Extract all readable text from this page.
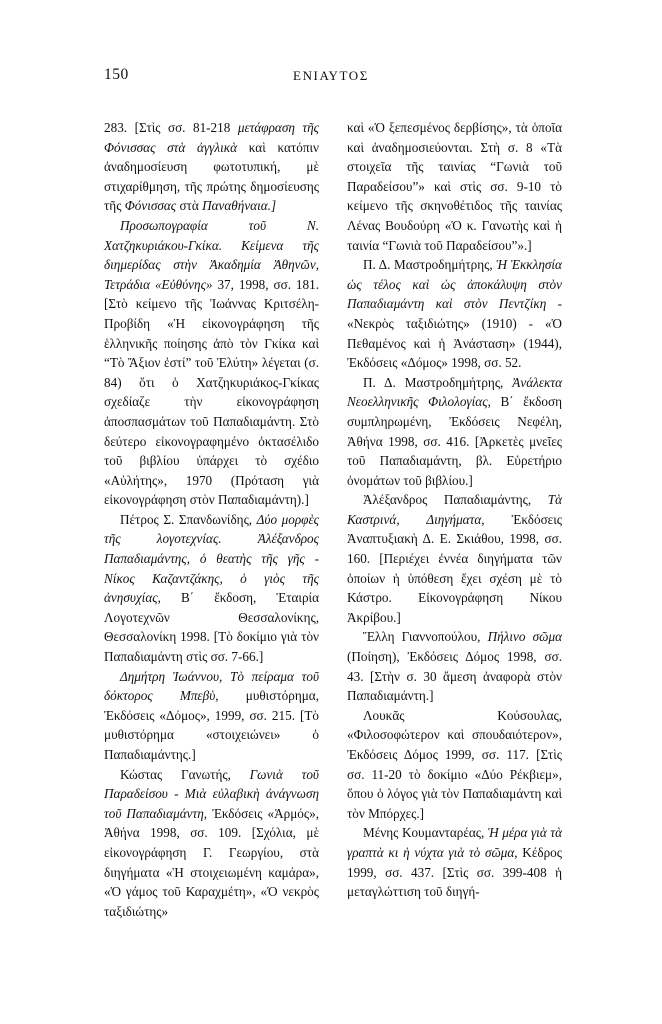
150	ΕΝΙΑΥΤΟΣ
283. [Στὶς σσ. 81-218 μετάφραση τῆς Φόνισσας στὰ ἀγγλικὰ καὶ κατόπιν ἀναδημοσίευση φωτοτυπική, μὲ στιχαρίθμηση, τῆς πρώτης δημοσίευσης τῆς Φόνισσας στὰ Παναθήναια.]
Προσωπογραφία τοῦ Ν. Χατζηκυριάκου-Γκίκα. Κείμενα τῆς διημερίδας στὴν Ἀκαδημία Ἀθηνῶν, Τετράδια «Εὐθύνης» 37, 1998, σσ. 181. [Στὸ κείμενο τῆς Ἰωάννας Κριτσέλη-Προβίδη «Ἡ εἰκονογράφηση τῆς ἑλληνικῆς ποίησης ἀπὸ τὸν Γκίκα καὶ “Τὸ Ἄξιον ἐστί” τοῦ Ἐλύτη» λέγεται (σ. 84) ὅτι ὁ Χατζηκυριάκος-Γκίκας σχεδίαζε τὴν εἰκονογράφηση ἀποσπασμάτων τοῦ Παπαδιαμάντη. Στὸ δεύτερο εἰκονογραφημένο ὀκτασέλιδο τοῦ βιβλίου ὑπάρχει τὸ σχέδιο «Αὐλήτης», 1970 (Πρόταση γιὰ εἰκονογράφηση στὸν Παπαδιαμάντη).]
Πέτρος Σ. Σπανδωνίδης, Δύο μορφὲς τῆς λογοτεχνίας. Ἀλέξανδρος Παπαδιαμάντης, ὁ θεατὴς τῆς γῆς - Νίκος Καζαντζάκης, ὁ γιὸς τῆς ἀνησυχίας, Β΄ ἔκδοση, Ἑταιρία Λογοτεχνῶν Θεσσαλονίκης, Θεσσαλονίκη 1998. [Τὸ δοκίμιο γιὰ τὸν Παπαδιαμάντη στὶς σσ. 7-66.]
Δημήτρη Ἰωάννου, Τὸ πείραμα τοῦ δόκτορος Μπεβὺ, μυθιστόρημα, Ἐκδόσεις «Δόμος», 1999, σσ. 215. [Τὸ μυθιστόρημα «στοιχειώνει» ὁ Παπαδιαμάντης.]
Κώστας Γανωτής, Γωνιὰ τοῦ Παραδείσου - Μιὰ εὐλαβικὴ ἀνάγνωση τοῦ Παπαδιαμάντη, Ἐκδόσεις «Ἁρμός», Ἀθήνα 1998, σσ. 109. [Σχόλια, μὲ εἰκονογράφηση Γ. Γεωργίου, στὰ διηγήματα «Ἡ στοιχειωμένη καμάρα», «Ὁ γάμος τοῦ Καραχμέτη», «Ὁ νεκρὸς ταξιδιώτης»
καὶ «Ὁ ξεπεσμένος δερβίσης», τὰ ὁποῖα καὶ ἀναδημοσιεύονται. Στὴ σ. 8 «Τὰ στοιχεῖα τῆς ταινίας “Γωνιὰ τοῦ Παραδείσου”» καὶ στὶς σσ. 9-10 τὸ κείμενο τῆς σκηνοθέτιδος τῆς ταινίας Λένας Βουδούρη «Ὁ κ. Γανωτὴς καὶ ἡ ταινία “Γωνιὰ τοῦ Παραδείσου”».]
Π. Δ. Μαστροδημήτρης, Ἡ Ἐκκλησία ὡς τέλος καὶ ὡς ἀποκάλυψη στὸν Παπαδιαμάντη καὶ στὸν Πεντζίκη - «Νεκρὸς ταξιδιώτης» (1910) - «Ὁ Πεθαμένος καὶ ἡ Ἀνάσταση» (1944), Ἐκδόσεις «Δόμος» 1998, σσ. 52.
Π. Δ. Μαστροδημήτρης, Ἀνάλεκτα Νεοελληνικῆς Φιλολογίας, Β΄ ἔκδοση συμπληρωμένη, Ἐκδόσεις Νεφέλη, Ἀθήνα 1998, σσ. 416. [Ἀρκετὲς μνεῖες τοῦ Παπαδιαμάντη, βλ. Εὑρετήριο ὀνομάτων τοῦ βιβλίου.]
Ἀλέξανδρος Παπαδιαμάντης, Τὰ Καστρινά, Διηγήματα, Ἐκδόσεις Ἀναπτυξιακὴ Δ. Ε. Σκιάθου, 1998, σσ. 160. [Περιέχει ἐννέα διηγήματα τῶν ὁποίων ἡ ὑπόθεση ἔχει σχέση μὲ τὸ Κάστρο. Εἰκονογράφηση Νίκου Ἀκρίβου.]
Ἕλλη Γιαννοπούλου, Πήλινο σῶμα (Ποίηση), Ἐκδόσεις Δόμος 1998, σσ. 43. [Στὴν σ. 30 ἄμεση ἀναφορὰ στὸν Παπαδιαμάντη.]
Λουκᾶς Κούσουλας, «Φιλοσοφώτερον καὶ σπουδαιότερον», Ἐκδόσεις Δόμος 1999, σσ. 117. [Στὶς σσ. 11-20 τὸ δοκίμιο «Δύο Ρέκβιεμ», ὅπου ὁ λόγος γιὰ τὸν Παπαδιαμάντη καὶ τὸν Μπόρχες.]
Μένης Κουμανταρέας, Ἡ μέρα γιὰ τὰ γραπτὰ κι ἡ νύχτα γιὰ τὸ σῶμα, Κέδρος 1999, σσ. 437. [Στὶς σσ. 399-408 ἡ μεταγλώττιση τοῦ διηγή-
